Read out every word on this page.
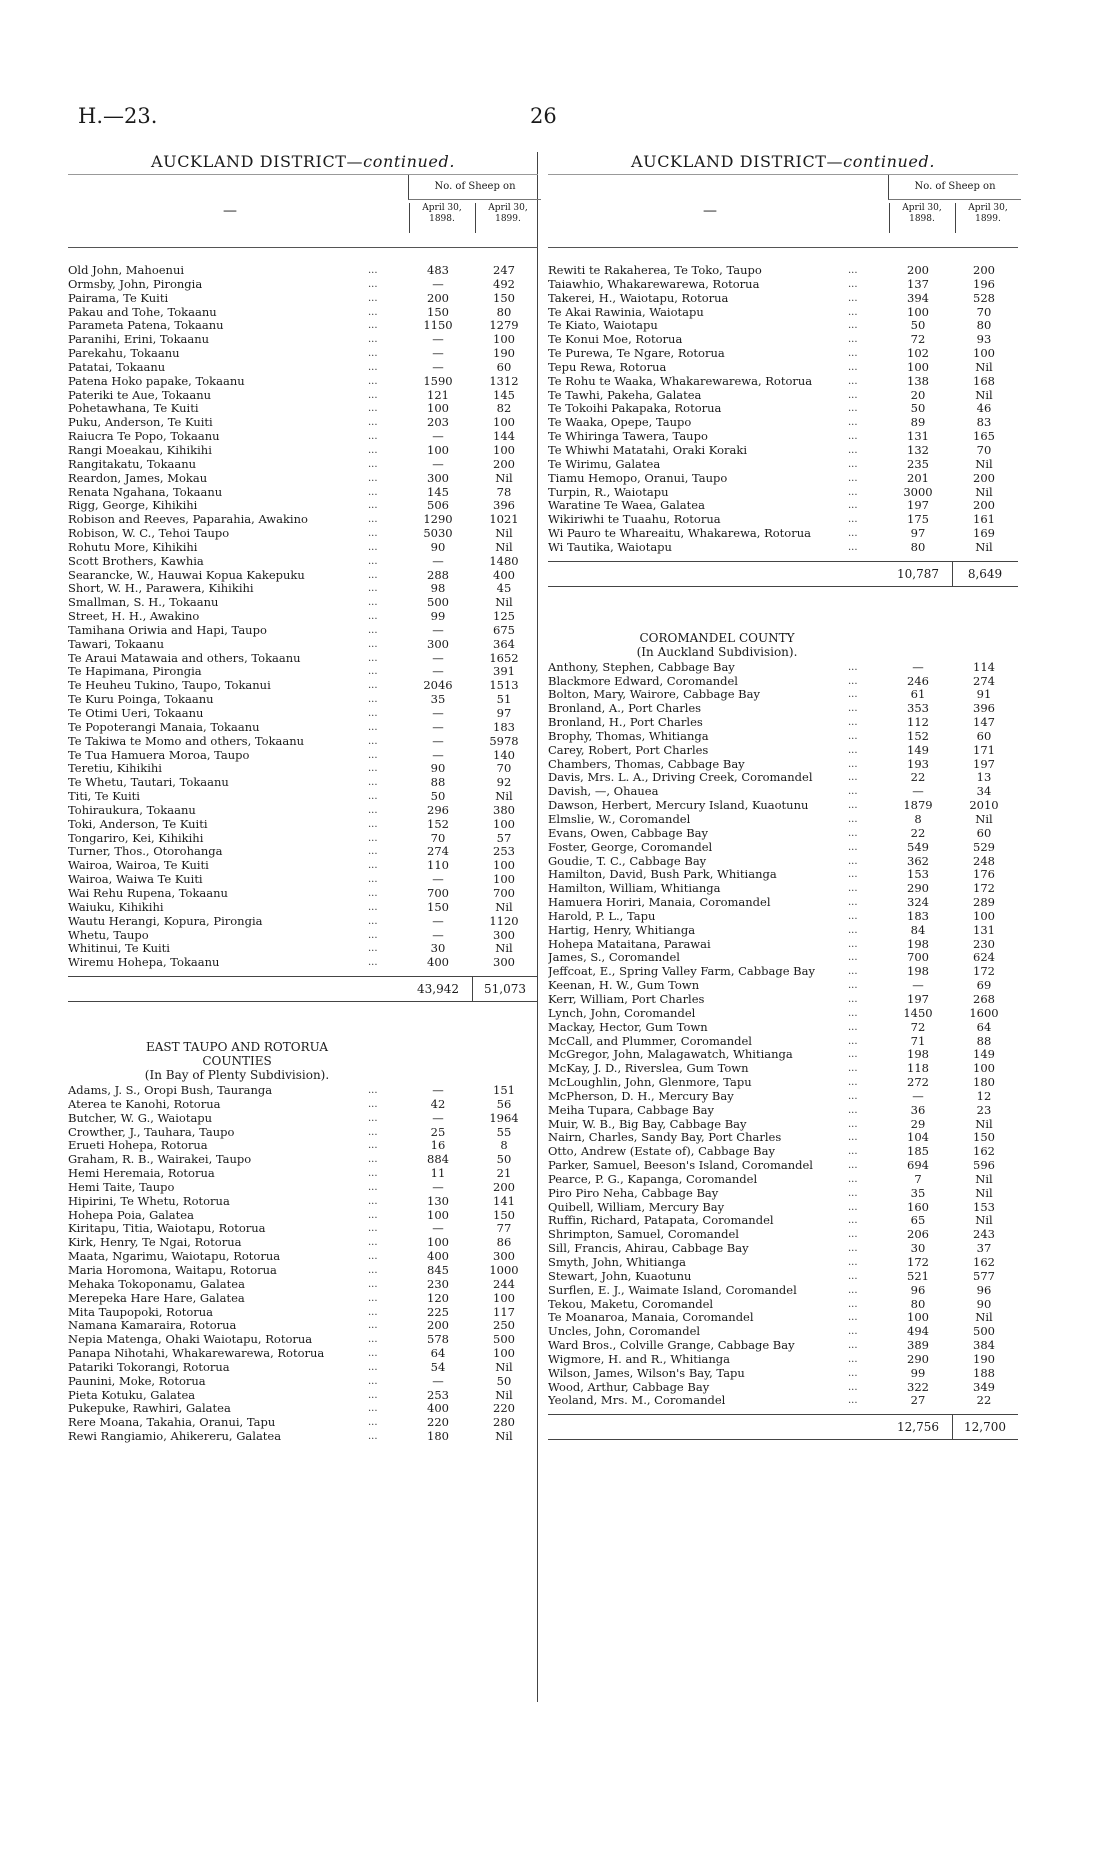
H.—23.	26
AUCKLAND DISTRICT—continued.
—
No. of Sheep on
April 30, 1898.
April 30, 1899.
Old John, Mahoenui	...	483	247
Ormsby, John, Pirongia	...	—	492
Pairama, Te Kuiti	...	200	150
Pakau and Tohe, Tokaanu	...	150	80
Parameta Patena, Tokaanu	...	1150	1279
Paranihi, Erini, Tokaanu	...	—	100
Parekahu, Tokaanu	...	—	190
Patatai, Tokaanu	...	—	60
Patena Hoko papake, Tokaanu	...	1590	1312
Pateriki te Aue, Tokaanu	...	121	145
Pohetawhana, Te Kuiti	...	100	82
Puku, Anderson, Te Kuiti	...	203	100
Raiucra Te Popo, Tokaanu	...	—	144
Rangi Moeakau, Kihikihi	...	100	100
Rangitakatu, Tokaanu	...	—	200
Reardon, James, Mokau	...	300	Nil
Renata Ngahana, Tokaanu	...	145	78
Rigg, George, Kihikihi	...	506	396
Robison and Reeves, Paparahia, Awakino	...	1290	1021
Robison, W. C., Tehoi Taupo	...	5030	Nil
Rohutu More, Kihikihi	...	90	Nil
Scott Brothers, Kawhia	...	—	1480
Searancke, W., Hauwai Kopua Kakepuku	...	288	400
Short, W. H., Parawera, Kihikihi	...	98	45
Smallman, S. H., Tokaanu	...	500	Nil
Street, H. H., Awakino	...	99	125
Tamihana Oriwia and Hapi, Taupo	...	—	675
Tawari, Tokaanu	...	300	364
Te Araui Matawaia and others, Tokaanu	...	—	1652
Te Hapimana, Pirongia	...	—	391
Te Heuheu Tukino, Taupo, Tokanui	...	2046	1513
Te Kuru Poinga, Tokaanu	...	35	51
Te Otimi Ueri, Tokaanu	...	—	97
Te Popoterangi Manaia, Tokaanu	...	—	183
Te Takiwa te Momo and others, Tokaanu	...	—	5978
Te Tua Hamuera Moroa, Taupo	...	—	140
Teretiu, Kihikihi	...	90	70
Te Whetu, Tautari, Tokaanu	...	88	92
Titi, Te Kuiti	...	50	Nil
Tohiraukura, Tokaanu	...	296	380
Toki, Anderson, Te Kuiti	...	152	100
Tongariro, Kei, Kihikihi	...	70	57
Turner, Thos., Otorohanga	...	274	253
Wairoa, Wairoa, Te Kuiti	...	110	100
Wairoa, Waiwa Te Kuiti	...	—	100
Wai Rehu Rupena, Tokaanu	...	700	700
Waiuku, Kihikihi	...	150	Nil
Wautu Herangi, Kopura, Pirongia	...	—	1120
Whetu, Taupo	...	—	300
Whitinui, Te Kuiti	...	30	Nil
Wiremu Hohepa, Tokaanu	...	400	300
43,942	51,073
EAST TAUPO AND ROTORUA
COUNTIES
(In Bay of Plenty Subdivision).
Adams, J. S., Oropi Bush, Tauranga	...	—	151
Aterea te Kanohi, Rotorua	...	42	56
Butcher, W. G., Waiotapu	...	—	1964
Crowther, J., Tauhara, Taupo	...	25	55
Erueti Hohepa, Rotorua	...	16	8
Graham, R. B., Wairakei, Taupo	...	884	50
Hemi Heremaia, Rotorua	...	11	21
Hemi Taite, Taupo	...	—	200
Hipirini, Te Whetu, Rotorua	...	130	141
Hohepa Poia, Galatea	...	100	150
Kiritapu, Titia, Waiotapu, Rotorua	...	—	77
Kirk, Henry, Te Ngai, Rotorua	...	100	86
Maata, Ngarimu, Waiotapu, Rotorua	...	400	300
Maria Horomona, Waitapu, Rotorua	...	845	1000
Mehaka Tokoponamu, Galatea	...	230	244
Merepeka Hare Hare, Galatea	...	120	100
Mita Taupopoki, Rotorua	...	225	117
Namana Kamaraira, Rotorua	...	200	250
Nepia Matenga, Ohaki Waiotapu, Rotorua	...	578	500
Panapa Nihotahi, Whakarewarewa, Rotorua	...	64	100
Patariki Tokorangi, Rotorua	...	54	Nil
Paunini, Moke, Rotorua	...	—	50
Pieta Kotuku, Galatea	...	253	Nil
Pukepuke, Rawhiri, Galatea	...	400	220
Rere Moana, Takahia, Oranui, Tapu	...	220	280
Rewi Rangiamio, Ahikereru, Galatea	...	180	Nil
AUCKLAND DISTRICT—continued.
—
No. of Sheep on
April 30, 1898.
April 30, 1899.
Rewiti te Rakaherea, Te Toko, Taupo	...	200	200
Taiawhio, Whakarewarewa, Rotorua	...	137	196
Takerei, H., Waiotapu, Rotorua	...	394	528
Te Akai Rawinia, Waiotapu	...	100	70
Te Kiato, Waiotapu	...	50	80
Te Konui Moe, Rotorua	...	72	93
Te Purewa, Te Ngare, Rotorua	...	102	100
Tepu Rewa, Rotorua	...	100	Nil
Te Rohu te Waaka, Whakarewarewa, Rotorua	...	138	168
Te Tawhi, Pakeha, Galatea	...	20	Nil
Te Tokoihi Pakapaka, Rotorua	...	50	46
Te Waaka, Opepe, Taupo	...	89	83
Te Whiringa Tawera, Taupo	...	131	165
Te Whiwhi Matatahi, Oraki Koraki	...	132	70
Te Wirimu, Galatea	...	235	Nil
Tiamu Hemopo, Oranui, Taupo	...	201	200
Turpin, R., Waiotapu	...	3000	Nil
Waratine Te Waea, Galatea	...	197	200
Wikiriwhi te Tuaahu, Rotorua	...	175	161
Wi Pauro te Whareaitu, Whakarewa, Rotorua	...	97	169
Wi Tautika, Waiotapu	...	80	Nil
10,787	8,649
COROMANDEL COUNTY
(In Auckland Subdivision).
Anthony, Stephen, Cabbage Bay	...	—	114
Blackmore Edward, Coromandel	...	246	274
Bolton, Mary, Wairore, Cabbage Bay	...	61	91
Bronland, A., Port Charles	...	353	396
Bronland, H., Port Charles	...	112	147
Brophy, Thomas, Whitianga	...	152	60
Carey, Robert, Port Charles	...	149	171
Chambers, Thomas, Cabbage Bay	...	193	197
Davis, Mrs. L. A., Driving Creek, Coromandel	...	22	13
Davish, —, Ohauea	...	—	34
Dawson, Herbert, Mercury Island, Kuaotunu	...	1879	2010
Elmslie, W., Coromandel	...	8	Nil
Evans, Owen, Cabbage Bay	...	22	60
Foster, George, Coromandel	...	549	529
Goudie, T. C., Cabbage Bay	...	362	248
Hamilton, David, Bush Park, Whitianga	...	153	176
Hamilton, William, Whitianga	...	290	172
Hamuera Horiri, Manaia, Coromandel	...	324	289
Harold, P. L., Tapu	...	183	100
Hartig, Henry, Whitianga	...	84	131
Hohepa Mataitana, Parawai	...	198	230
James, S., Coromandel	...	700	624
Jeffcoat, E., Spring Valley Farm, Cabbage Bay	...	198	172
Keenan, H. W., Gum Town	...	—	69
Kerr, William, Port Charles	...	197	268
Lynch, John, Coromandel	...	1450	1600
Mackay, Hector, Gum Town	...	72	64
McCall, and Plummer, Coromandel	...	71	88
McGregor, John, Malagawatch, Whitianga	...	198	149
McKay, J. D., Riverslea, Gum Town	...	118	100
McLoughlin, John, Glenmore, Tapu	...	272	180
McPherson, D. H., Mercury Bay	...	—	12
Meiha Tupara, Cabbage Bay	...	36	23
Muir, W. B., Big Bay, Cabbage Bay	...	29	Nil
Nairn, Charles, Sandy Bay, Port Charles	...	104	150
Otto, Andrew (Estate of), Cabbage Bay	...	185	162
Parker, Samuel, Beeson's Island, Coromandel	...	694	596
Pearce, P. G., Kapanga, Coromandel	...	7	Nil
Piro Piro Neha, Cabbage Bay	...	35	Nil
Quibell, William, Mercury Bay	...	160	153
Ruffin, Richard, Patapata, Coromandel	...	65	Nil
Shrimpton, Samuel, Coromandel	...	206	243
Sill, Francis, Ahirau, Cabbage Bay	...	30	37
Smyth, John, Whitianga	...	172	162
Stewart, John, Kuaotunu	...	521	577
Surflen, E. J., Waimate Island, Coromandel	...	96	96
Tekou, Maketu, Coromandel	...	80	90
Te Moanaroa, Manaia, Coromandel	...	100	Nil
Uncles, John, Coromandel	...	494	500
Ward Bros., Colville Grange, Cabbage Bay	...	389	384
Wigmore, H. and R., Whitianga	...	290	190
Wilson, James, Wilson's Bay, Tapu	...	99	188
Wood, Arthur, Cabbage Bay	...	322	349
Yeoland, Mrs. M., Coromandel	...	27	22
12,756	12,700
